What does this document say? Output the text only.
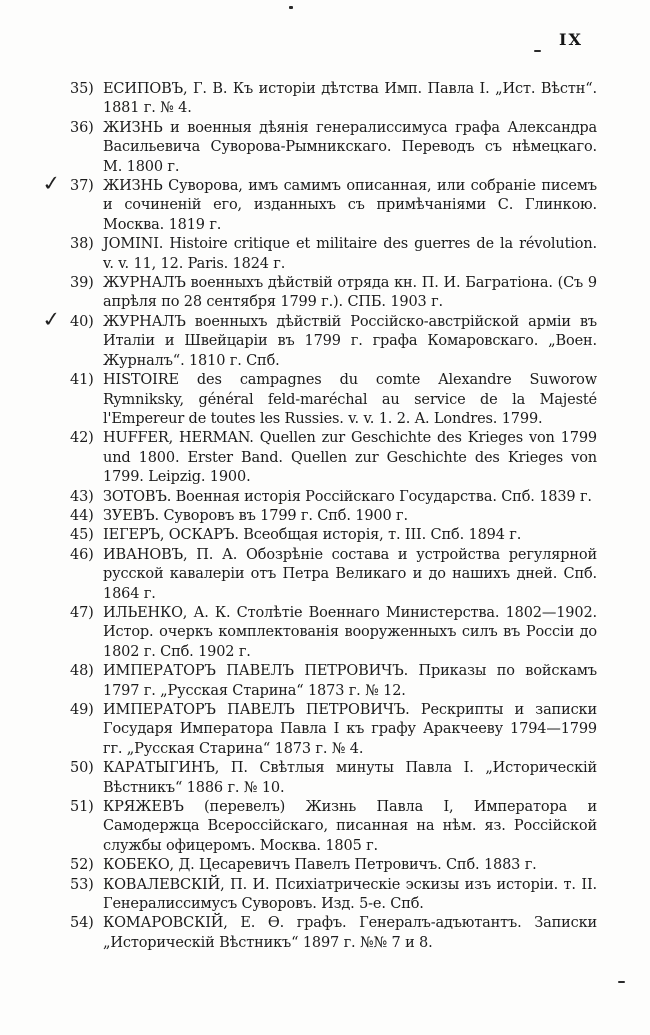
IX
35) ЕСИПОВЪ, Г. В. Къ исторіи дѣтства Имп. Павла I. „Ист. Вѣстн“. 1881 г. № 4.
36) ЖИЗНЬ и военныя дѣянія генералиссимуса графа Александра Васильевича Суворова-Рымникскаго. Переводъ съ нѣмецкаго. М. 1800 г.
✓ 37) ЖИЗНЬ Суворова, имъ самимъ описанная, или собраніе писемъ и сочиненій его, изданныхъ съ примѣчаніями С. Глинкою. Москва. 1819 г.
38) JOMINI. Histoire critique et militaire des guerres de la révolution. v. v. 11, 12. Paris. 1824 г.
39) ЖУРНАЛЪ военныхъ дѣйствій отряда кн. П. И. Багратіона. (Съ 9 апрѣля по 28 сентября 1799 г.). СПБ. 1903 г.
✓ 40) ЖУРНАЛЪ военныхъ дѣйствій Россійско-австрійской арміи въ Италіи и Швейцаріи въ 1799 г. графа Комаровскаго. „Воен. Журналъ“. 1810 г. Спб.
41) HISTOIRE des campagnes du comte Alexandre Suworow Rymniksky, général feld-maréchal au service de la Majesté l'Empereur de toutes les Russies. v. v. 1. 2. A. Londres. 1799.
42) HUFFER, HERMAN. Quellen zur Geschichte des Krieges von 1799 und 1800. Erster Band. Quellen zur Geschichte des Krieges von 1799. Leipzig. 1900.
43) ЗОТОВЪ. Военная исторія Россійскаго Государства. Спб. 1839 г.
44) ЗУЕВЪ. Суворовъ въ 1799 г. Спб. 1900 г.
45) ІЕГЕРЪ, ОСКАРЪ. Всеобщая исторія, т. III. Спб. 1894 г.
46) ИВАНОВЪ, П. А. Обозрѣніе состава и устройства регулярной русской кавалеріи отъ Петра Великаго и до нашихъ дней. Спб. 1864 г.
47) ИЛЬЕНКО, А. К. Столѣтіе Военнаго Министерства. 1802—1902. Истор. очеркъ комплектованія вооруженныхъ силъ въ Россіи до 1802 г. Спб. 1902 г.
48) ИМПЕРАТОРЪ ПАВЕЛЪ ПЕТРОВИЧЪ. Приказы по войскамъ 1797 г. „Русская Старина“ 1873 г. № 12.
49) ИМПЕРАТОРЪ ПАВЕЛЪ ПЕТРОВИЧЪ. Рескрипты и записки Государя Императора Павла I къ графу Аракчееву 1794—1799 гг. „Русская Старина“ 1873 г. № 4.
50) КАРАТЫГИНЪ, П. Свѣтлыя минуты Павла I. „Историческій Вѣстникъ“ 1886 г. № 10.
51) КРЯЖЕВЪ (перевелъ) Жизнь Павла I, Императора и Самодержца Всероссійскаго, писанная на нѣм. яз. Россійской службы офицеромъ. Москва. 1805 г.
52) КОБЕКО, Д. Цесаревичъ Павелъ Петровичъ. Спб. 1883 г.
53) КОВАЛЕВСКІЙ, П. И. Психіатрическіе эскизы изъ исторіи. т. II. Генералиссимусъ Суворовъ. Изд. 5-е. Спб.
54) КОМАРОВСКІЙ, Е. Ѳ. графъ. Генералъ-адъютантъ. Записки „Историческій Вѣстникъ“ 1897 г. №№ 7 и 8.
